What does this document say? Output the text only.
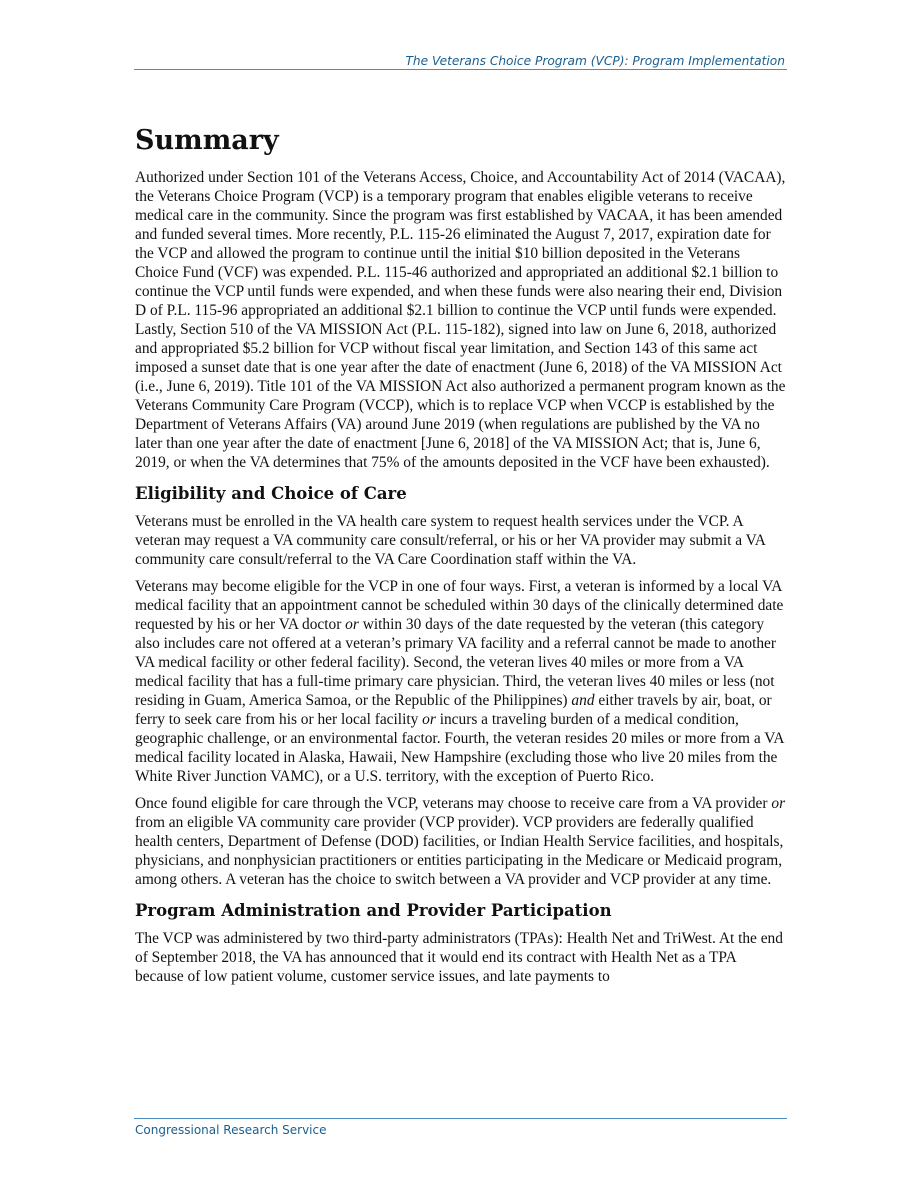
The Veterans Choice Program (VCP): Program Implementation
Summary

Authorized under Section 101 of the Veterans Access, Choice, and Accountability Act of 2014 (VACAA), the Veterans Choice Program (VCP) is a temporary program that enables eligible veterans to receive medical care in the community. Since the program was first established by VACAA, it has been amended and funded several times. More recently, P.L. 115-26 eliminated the August 7, 2017, expiration date for the VCP and allowed the program to continue until the initial $10 billion deposited in the Veterans Choice Fund (VCF) was expended. P.L. 115-46 authorized and appropriated an additional $2.1 billion to continue the VCP until funds were expended, and when these funds were also nearing their end, Division D of P.L. 115-96 appropriated an additional $2.1 billion to continue the VCP until funds were expended. Lastly, Section 510 of the VA MISSION Act (P.L. 115-182), signed into law on June 6, 2018, authorized and appropriated $5.2 billion for VCP without fiscal year limitation, and Section 143 of this same act imposed a sunset date that is one year after the date of enactment (June 6, 2018) of the VA MISSION Act (i.e., June 6, 2019). Title 101 of the VA MISSION Act also authorized a permanent program known as the Veterans Community Care Program (VCCP), which is to replace VCP when VCCP is established by the Department of Veterans Affairs (VA) around June 2019 (when regulations are published by the VA no later than one year after the date of enactment [June 6, 2018] of the VA MISSION Act; that is, June 6, 2019, or when the VA determines that 75% of the amounts deposited in the VCF have been exhausted).

Eligibility and Choice of Care

Veterans must be enrolled in the VA health care system to request health services under the VCP. A veteran may request a VA community care consult/referral, or his or her VA provider may submit a VA community care consult/referral to the VA Care Coordination staff within the VA.

Veterans may become eligible for the VCP in one of four ways. First, a veteran is informed by a local VA medical facility that an appointment cannot be scheduled within 30 days of the clinically determined date requested by his or her VA doctor or within 30 days of the date requested by the veteran (this category also includes care not offered at a veteran’s primary VA facility and a referral cannot be made to another VA medical facility or other federal facility). Second, the veteran lives 40 miles or more from a VA medical facility that has a full-time primary care physician. Third, the veteran lives 40 miles or less (not residing in Guam, America Samoa, or the Republic of the Philippines) and either travels by air, boat, or ferry to seek care from his or her local facility or incurs a traveling burden of a medical condition, geographic challenge, or an environmental factor. Fourth, the veteran resides 20 miles or more from a VA medical facility located in Alaska, Hawaii, New Hampshire (excluding those who live 20 miles from the White River Junction VAMC), or a U.S. territory, with the exception of Puerto Rico.

Once found eligible for care through the VCP, veterans may choose to receive care from a VA provider or from an eligible VA community care provider (VCP provider). VCP providers are federally qualified health centers, Department of Defense (DOD) facilities, or Indian Health Service facilities, and hospitals, physicians, and nonphysician practitioners or entities participating in the Medicare or Medicaid program, among others. A veteran has the choice to switch between a VA provider and VCP provider at any time.

Program Administration and Provider Participation

The VCP was administered by two third-party administrators (TPAs): Health Net and TriWest. At the end of September 2018, the VA has announced that it would end its contract with Health Net as a TPA because of low patient volume, customer service issues, and late payments to

Congressional Research Service
